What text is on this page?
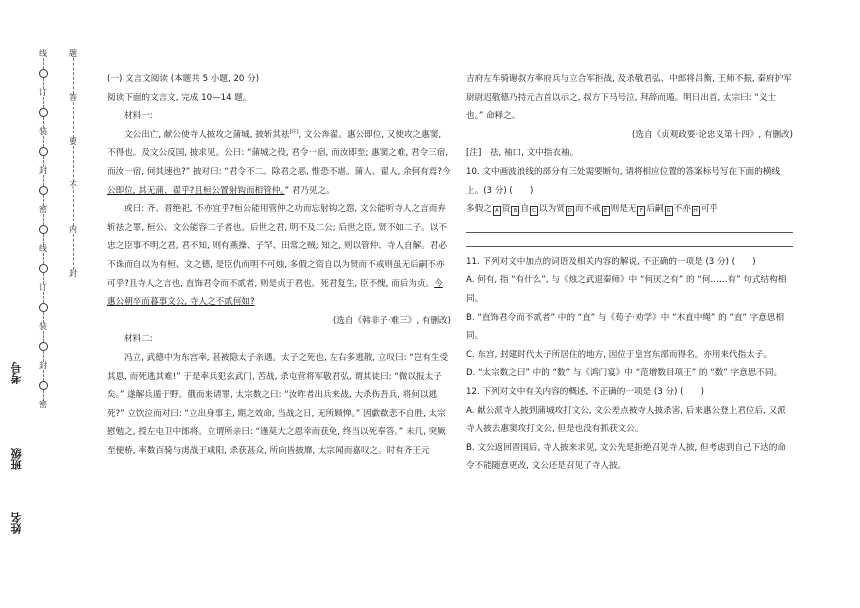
线
订
装
封
密
线
订
装
封
密
题
答
要
不
内
封
考号
班级
姓名

(一) 文言文阅读 (本题共 5 小题, 20 分)

阅读下面的文言文, 完成 10—14 题。

材料一:

文公出亡, 献公使寺人披攻之蒲城, 披斩其祛[注], 文公奔翟。惠公即位, 又使攻之惠窦, 不得也。及文公反国, 披求见。公曰: “蒲城之役, 君令一宿, 而汝即至; 惠窦之难, 君令三宿, 而汝一宿, 何其速也?” 披对曰: “君令不二。除君之恶, 惟恐不堪。蒲人、翟人, 余何有焉?今公即位, 其无蒲、翟乎?且桓公置射钩而相管仲。” 君乃见之。

或曰: 齐、晋绝祀, 不亦宜乎?桓公能用管仲之功而忘射钩之怨, 文公能听寺人之言而弃斩祛之罪, 桓公、文公能容二子者也。后世之君, 明不及二公; 后世之臣, 贤不如二子。以不忠之臣事不明之君, 君不知, 则有燕操、子罕、田常之贼; 知之, 则以管仲、寺人自解。君必不诛而自以为有桓、文之德, 是臣仇而明不可烛, 多假之资自以为贤而不戒则虽无后嗣不亦可乎?且寺人之言也, 直饰君令而不贰者, 则是贞于君也。死君复生, 臣不愧, 而后为贞。今惠公朝卒而暮事文公, 寺人之不贰何如?

(选自《韩非子·难三》, 有删改)

材料二:

冯立, 武德中为东宫率, 甚被隐太子亲遇。太子之死也, 左右多逃散, 立叹曰: “岂有生受其恩, 而死逃其难!” 于是率兵犯玄武门, 苦战, 杀屯营将军敬君弘, 谓其徒曰: “微以报太子矣。” 遂解兵遁于野。俄而来请罪, 太宗数之曰: “汝昨者出兵来战, 大杀伤吾兵, 将何以逃死?” 立饮泣而对曰: “立出身事主, 期之效命, 当战之日, 无所顾惮。” 因歔欷悲不自胜, 太宗慰勉之, 授左屯卫中郎将。立谓所亲曰: “逢莫大之恩幸而获免, 终当以死奉答。” 未几, 突厥至便桥, 率数百骑与虏战于咸阳, 杀获甚众, 所向皆披靡, 太宗闻而嘉叹之。时有齐王元

吉府左车骑谢叔方率府兵与立合军拒战, 及杀敬君弘、中郎将吕衡, 王师不振, 秦府护军尉尉迟敬德乃持元吉首以示之, 叔方下马号泣, 拜辞而遁。明日出首, 太宗曰: “义士也。” 命释之。

(选自《贞观政要·论忠义第十四》, 有删改)

[注]　祛, 袖口, 文中指衣袖。

10. 文中画波浪线的部分有三处需要断句, 请将相应位置的答案标号写在下面的横线上。(3 分) (　　)

多假之 A 资 B 自 C 以为贤 D 而不戒 E 则是无 F 后嗣 G 不亦 H 可乎

11. 下列对文中加点的词语及相关内容的解说, 不正确的一项是 (3 分) (　　)

A. 何有, 指 “有什么”, 与《烛之武退秦师》中 “何厌之有” 的 “何……有” 句式结构相同。

B. “直饰君令而不贰者” 中的 “直” 与《荀子·劝学》中 “木直中绳” 的 “直” 字意思相同。

C. 东宫, 封建时代太子所居住的地方, 因位于皇宫东部而得名。亦用来代指太子。

D. “太宗数之曰” 中的 “数” 与《鸿门宴》中 “范增数目项王” 的 “数” 字意思不同。

12. 下列对文中有关内容的概述, 不正确的一项是 (3 分) (　　)

A. 献公派寺人披到蒲城攻打文公, 文公差点被寺人披杀害, 后来惠公登上君位后, 又派寺人披去惠窦攻打文公, 但是也没有抓获文公。

B. 文公返回晋国后, 寺人披来求见, 文公先是拒绝召见寺人披, 但考虑到自己下达的命令不能随意更改, 文公还是召见了寺人披。
